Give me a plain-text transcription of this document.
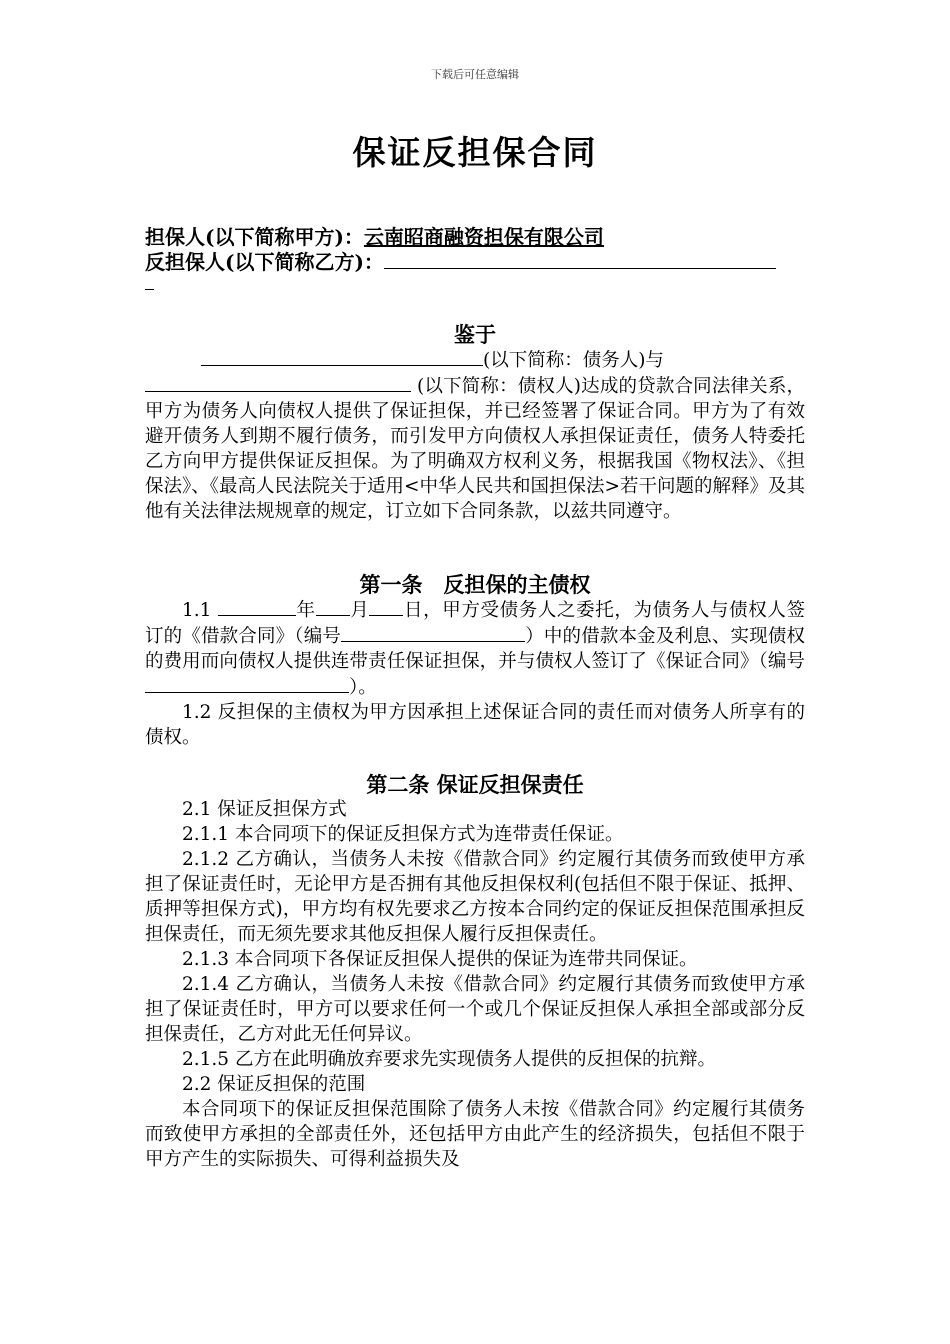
下载后可任意编辑
保证反担保合同
担保人(以下简称甲方)：云南昭商融资担保有限公司
反担保人(以下简称乙方)：
鉴于

(以下简称：债务人)与

(以下简称：债权人)达成的贷款合同法律关系，甲方为债务人向债权人提供了保证担保，并已经签署了保证合同。甲方为了有效避开债务人到期不履行债务，而引发甲方向债权人承担保证责任，债务人特委托乙方向甲方提供保证反担保。为了明确双方权利义务，根据我国《物权法》、《担保法》、《最高人民法院关于适用<中华人民共和国担保法>若干问题的解释》及其他有关法律法规规章的规定，订立如下合同条款，以兹共同遵守。

第一条　反担保的主债权

1.1	年 月 日，甲方受债务人之委托，为债务人与债权人签订的《借款合同》（编号	）中的借款本金及利息、实现债权的费用而向债权人提供连带责任保证担保，并与债权人签订了《保证合同》（编号）。

1.2 反担保的主债权为甲方因承担上述保证合同的责任而对债务人所享有的债权。

第二条 保证反担保责任

2.1 保证反担保方式

2.1.1 本合同项下的保证反担保方式为连带责任保证。

2.1.2 乙方确认，当债务人未按《借款合同》约定履行其债务而致使甲方承担了保证责任时，无论甲方是否拥有其他反担保权利(包括但不限于保证、抵押、质押等担保方式)，甲方均有权先要求乙方按本合同约定的保证反担保范围承担反担保责任，而无须先要求其他反担保人履行反担保责任。

2.1.3 本合同项下各保证反担保人提供的保证为连带共同保证。

2.1.4 乙方确认，当债务人未按《借款合同》约定履行其债务而致使甲方承担了保证责任时，甲方可以要求任何一个或几个保证反担保人承担全部或部分反担保责任，乙方对此无任何异议。

2.1.5 乙方在此明确放弃要求先实现债务人提供的反担保的抗辩。

2.2 保证反担保的范围

本合同项下的保证反担保范围除了债务人未按《借款合同》约定履行其债务而致使甲方承担的全部责任外，还包括甲方由此产生的经济损失，包括但不限于甲方产生的实际损失、可得利益损失及
